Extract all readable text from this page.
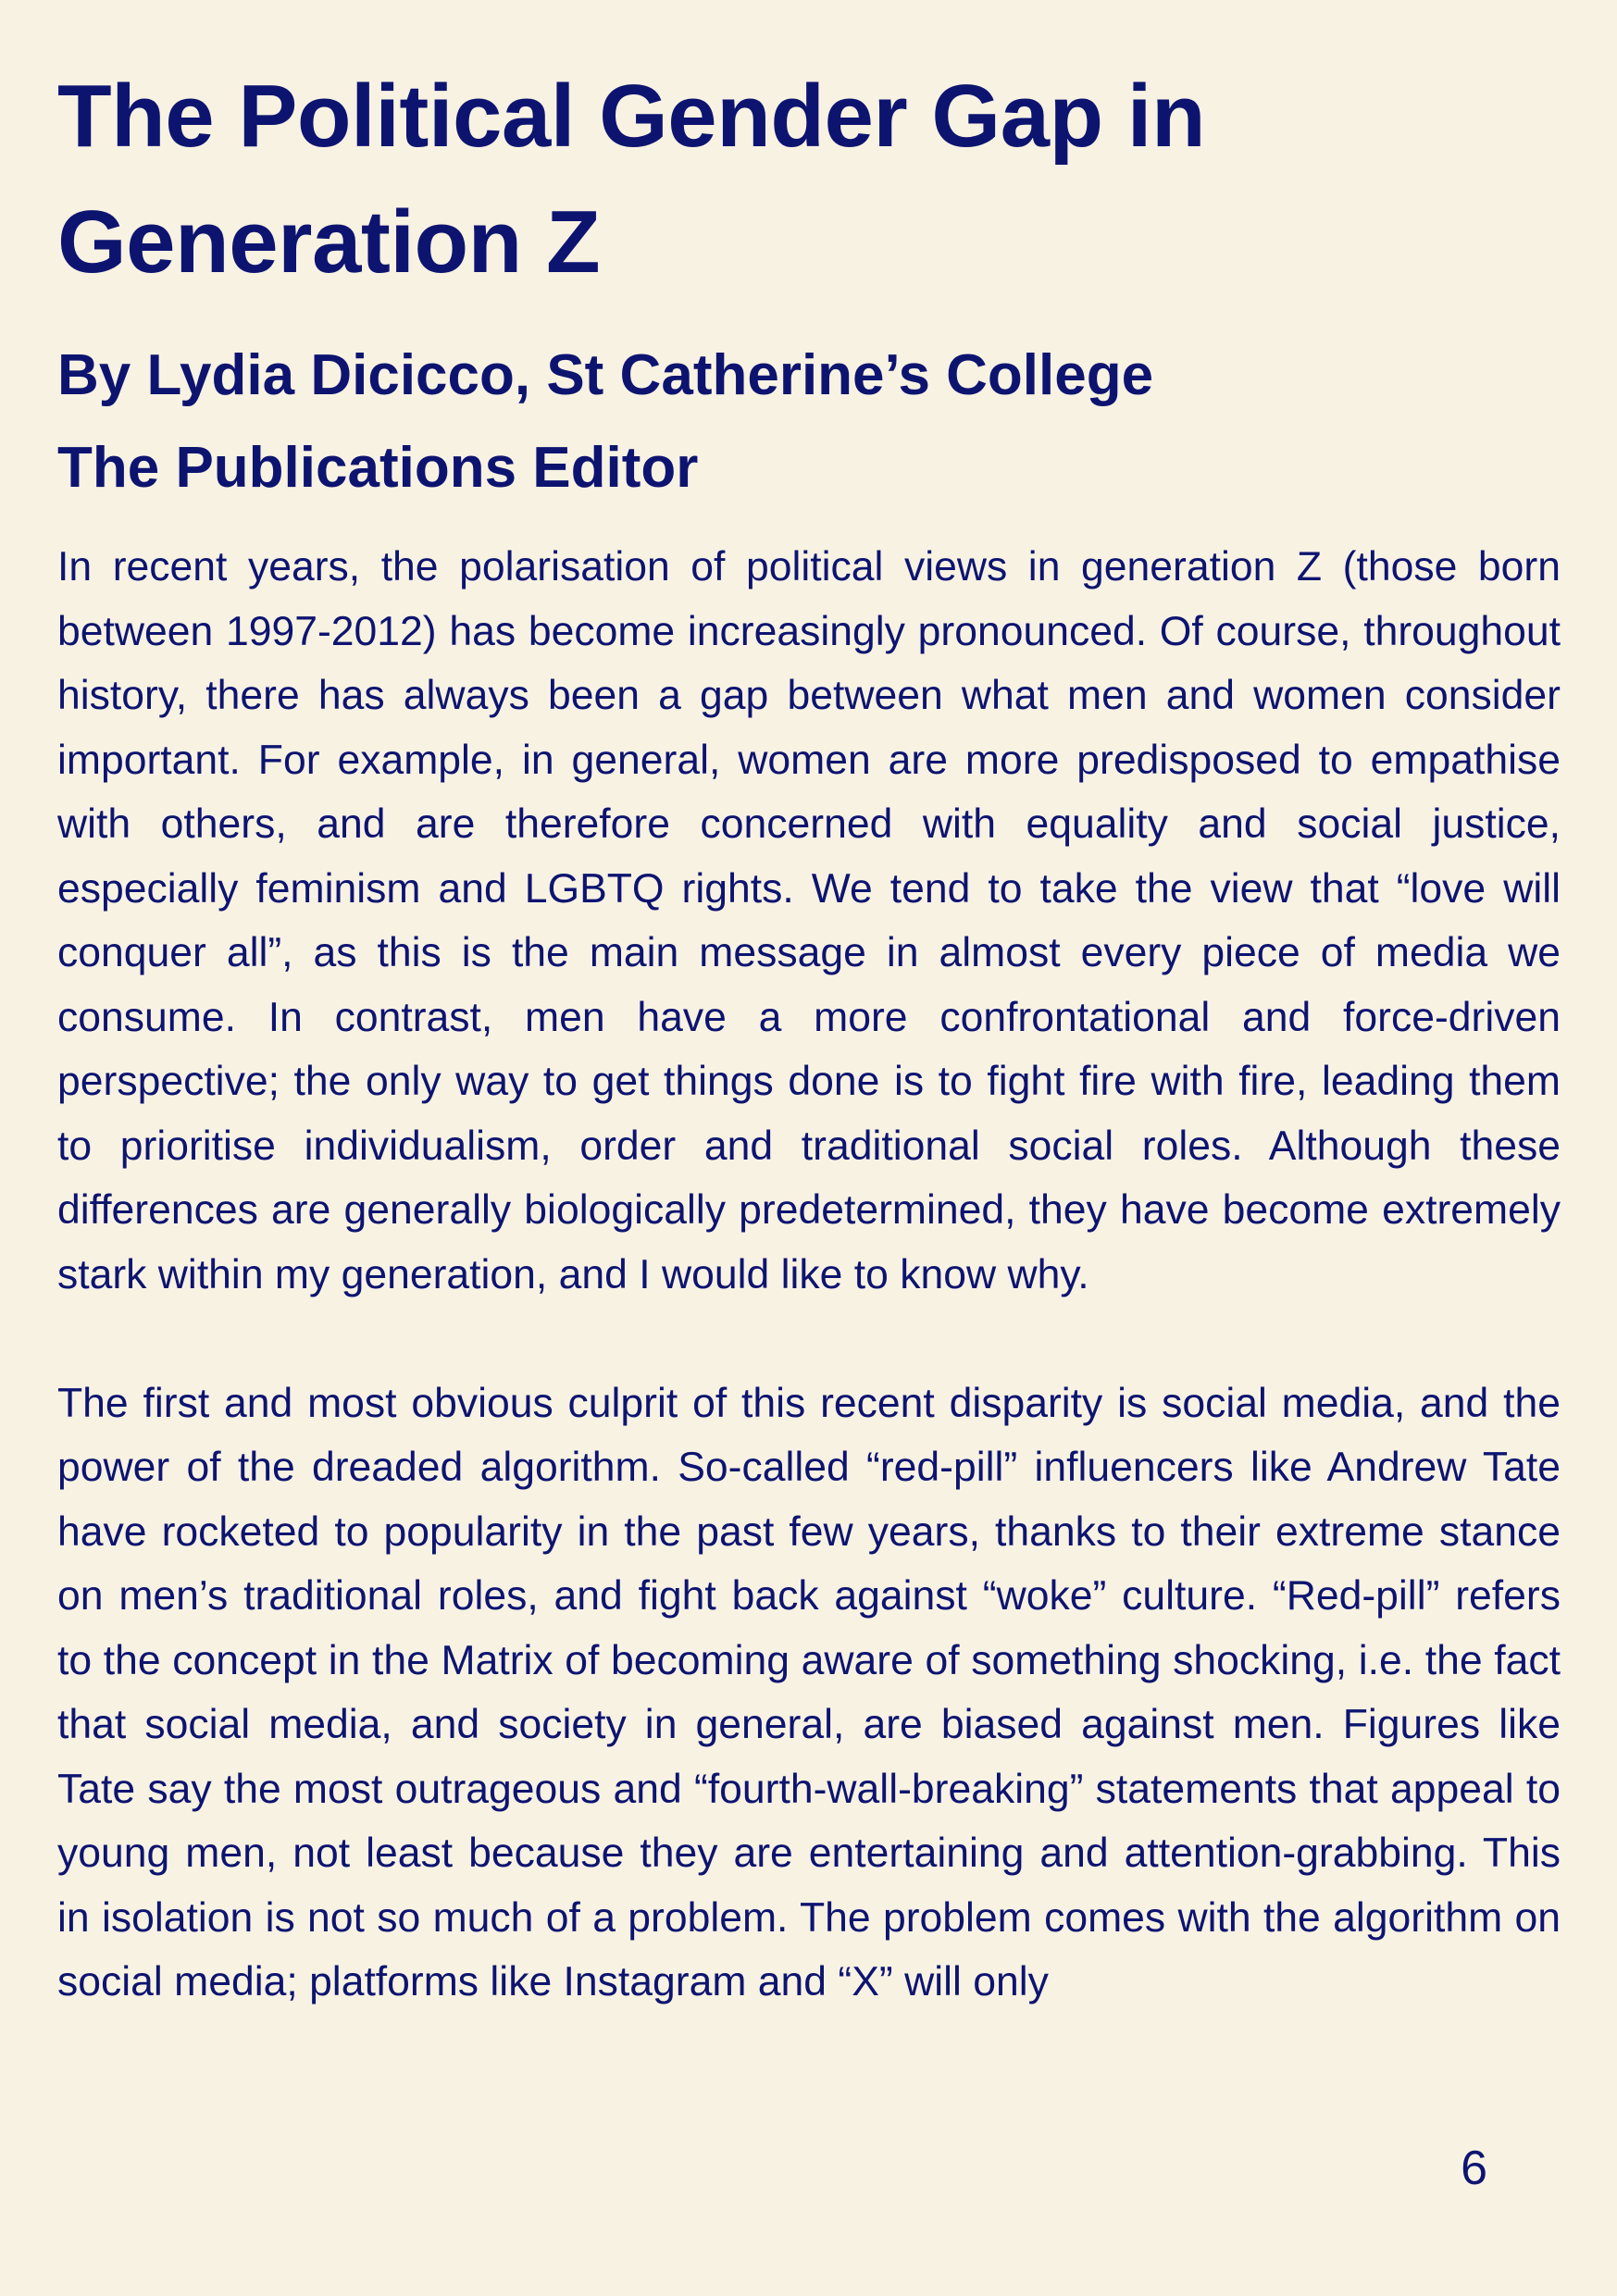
The Political Gender Gap in Generation Z
By Lydia Dicicco, St Catherine’s College
The Publications Editor

In recent years, the polarisation of political views in generation Z (those born between 1997-2012) has become increasingly pronounced. Of course, throughout history, there has always been a gap between what men and women consider important. For example, in general, women are more predisposed to empathise with others, and are therefore concerned with equality and social justice, especially feminism and LGBTQ rights. We tend to take the view that “love will conquer all”, as this is the main message in almost every piece of media we consume. In contrast, men have a more confrontational and force-driven perspective; the only way to get things done is to fight fire with fire, leading them to prioritise individualism, order and traditional social roles. Although these differences are generally biologically predetermined, they have become extremely stark within my generation, and I would like to know why.

The first and most obvious culprit of this recent disparity is social media, and the power of the dreaded algorithm. So-called “red-pill” influencers like Andrew Tate have rocketed to popularity in the past few years, thanks to their extreme stance on men’s traditional roles, and fight back against “woke” culture. “Red-pill” refers to the concept in the Matrix of becoming aware of something shocking, i.e. the fact that social media, and society in general, are biased against men. Figures like Tate say the most outrageous and “fourth-wall-breaking” statements that appeal to young men, not least because they are entertaining and attention-grabbing. This in isolation is not so much of a problem. The problem comes with the algorithm on social media; platforms like Instagram and “X” will only

6
